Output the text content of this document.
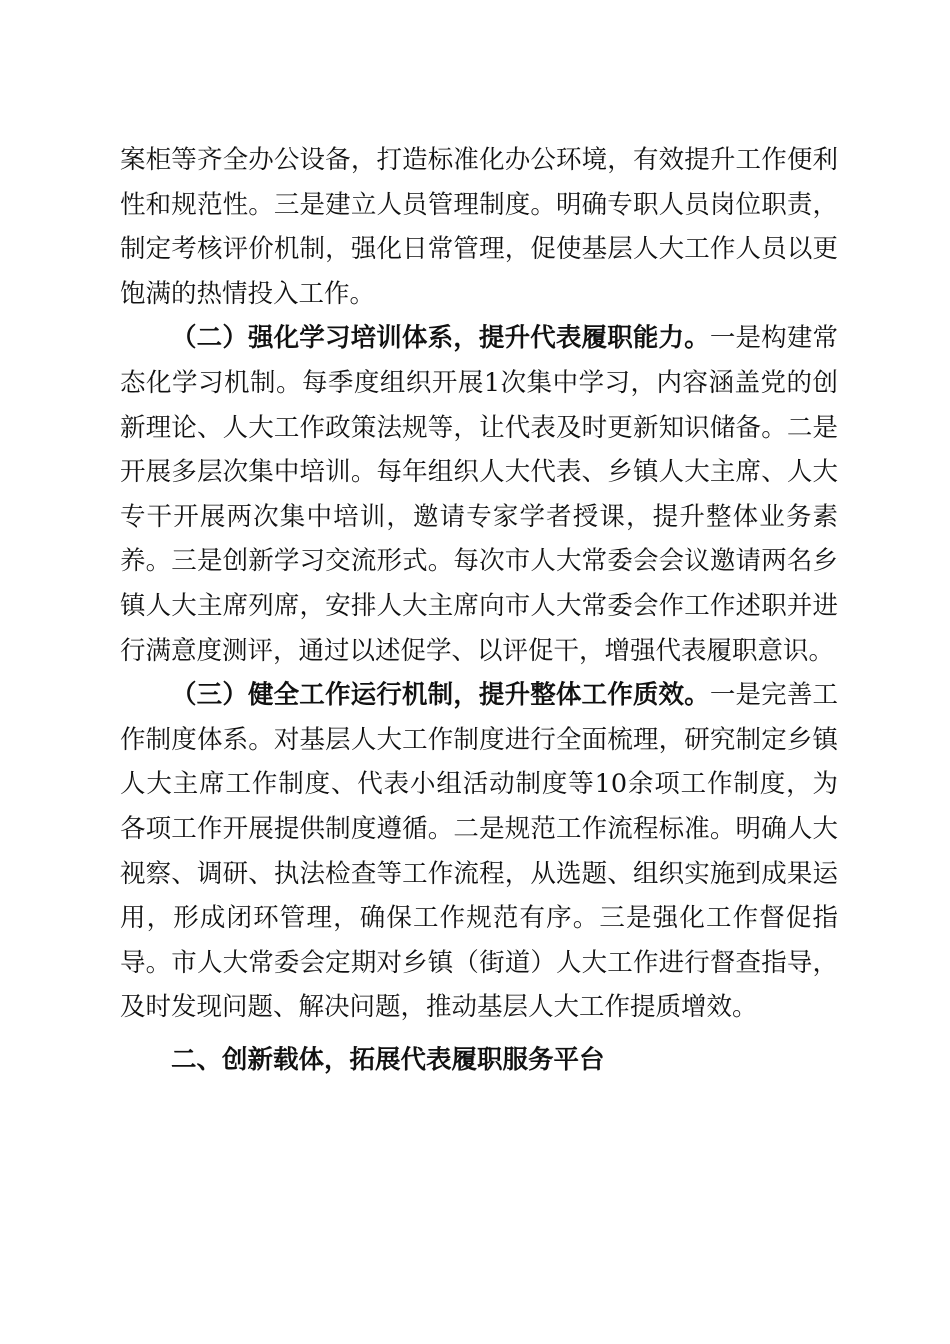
案柜等齐全办公设备，打造标准化办公环境，有效提升工作便利性和规范性。三是建立人员管理制度。明确专职人员岗位职责，制定考核评价机制，强化日常管理，促使基层人大工作人员以更饱满的热情投入工作。

（二）强化学习培训体系，提升代表履职能力。一是构建常态化学习机制。每季度组织开展1次集中学习，内容涵盖党的创新理论、人大工作政策法规等，让代表及时更新知识储备。二是开展多层次集中培训。每年组织人大代表、乡镇人大主席、人大专干开展两次集中培训，邀请专家学者授课，提升整体业务素养。三是创新学习交流形式。每次市人大常委会会议邀请两名乡镇人大主席列席，安排人大主席向市人大常委会作工作述职并进行满意度测评，通过以述促学、以评促干，增强代表履职意识。

（三）健全工作运行机制，提升整体工作质效。一是完善工作制度体系。对基层人大工作制度进行全面梳理，研究制定乡镇人大主席工作制度、代表小组活动制度等10余项工作制度，为各项工作开展提供制度遵循。二是规范工作流程标准。明确人大视察、调研、执法检查等工作流程，从选题、组织实施到成果运用，形成闭环管理，确保工作规范有序。三是强化工作督促指导。市人大常委会定期对乡镇（街道）人大工作进行督查指导，及时发现问题、解决问题，推动基层人大工作提质增效。

二、创新载体，拓展代表履职服务平台
